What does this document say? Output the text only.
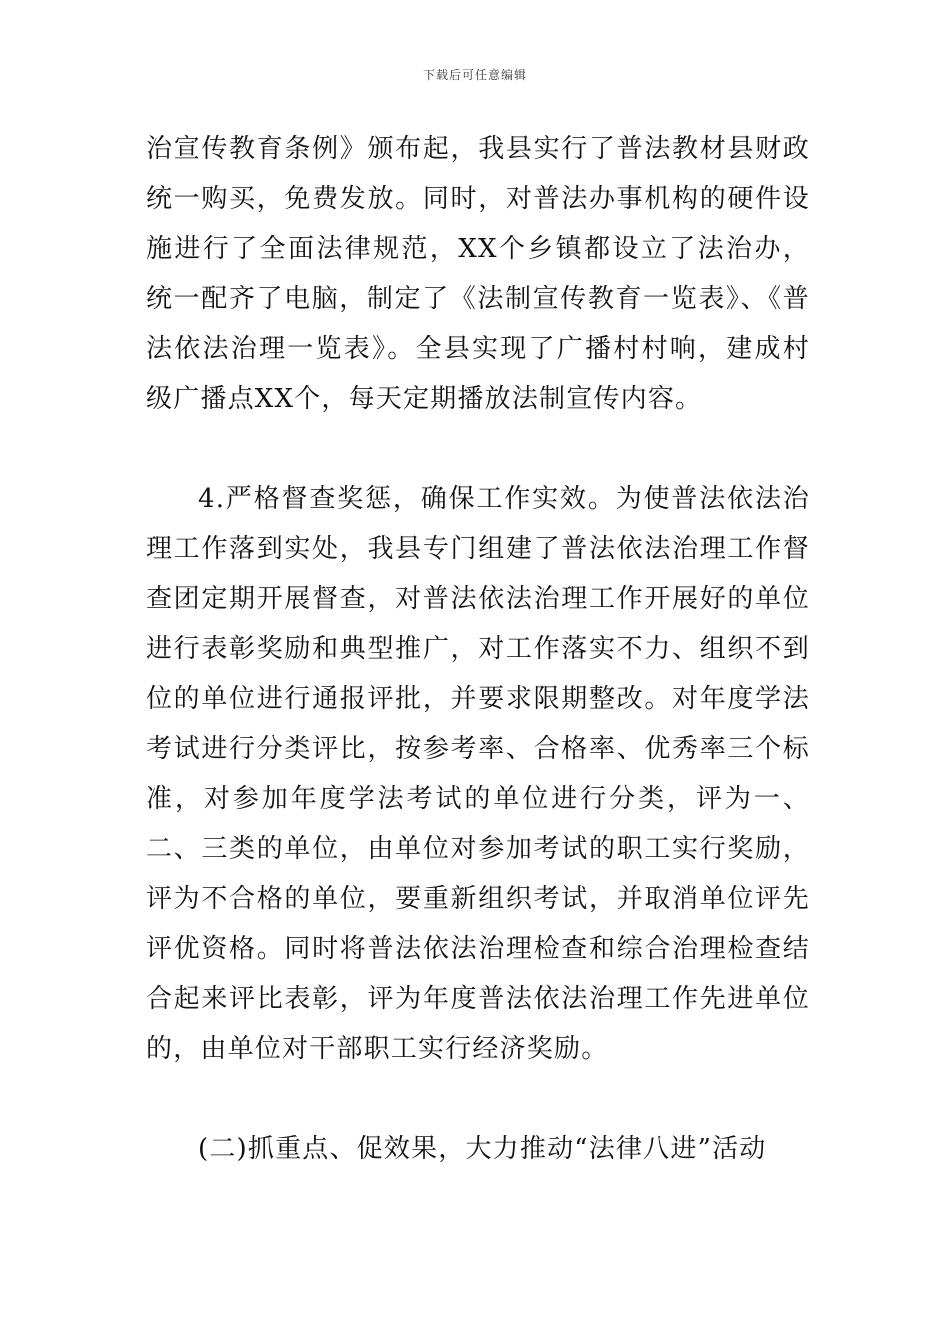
下载后可任意编辑

治宣传教育条例》颁布起，我县实行了普法教材县财政统一购买，免费发放。同时，对普法办事机构的硬件设施进行了全面法律规范，XX个乡镇都设立了法治办，统一配齐了电脑，制定了《法制宣传教育一览表》、《普法依法治理一览表》。全县实现了广播村村响，建成村级广播点XX个，每天定期播放法制宣传内容。

4.严格督查奖惩，确保工作实效。为使普法依法治理工作落到实处，我县专门组建了普法依法治理工作督查团定期开展督查，对普法依法治理工作开展好的单位进行表彰奖励和典型推广，对工作落实不力、组织不到位的单位进行通报评批，并要求限期整改。对年度学法考试进行分类评比，按参考率、合格率、优秀率三个标准，对参加年度学法考试的单位进行分类，评为一、二、三类的单位，由单位对参加考试的职工实行奖励，评为不合格的单位，要重新组织考试，并取消单位评先评优资格。同时将普法依法治理检查和综合治理检查结合起来评比表彰，评为年度普法依法治理工作先进单位的，由单位对干部职工实行经济奖励。

(二)抓重点、促效果，大力推动“法律八进”活动
